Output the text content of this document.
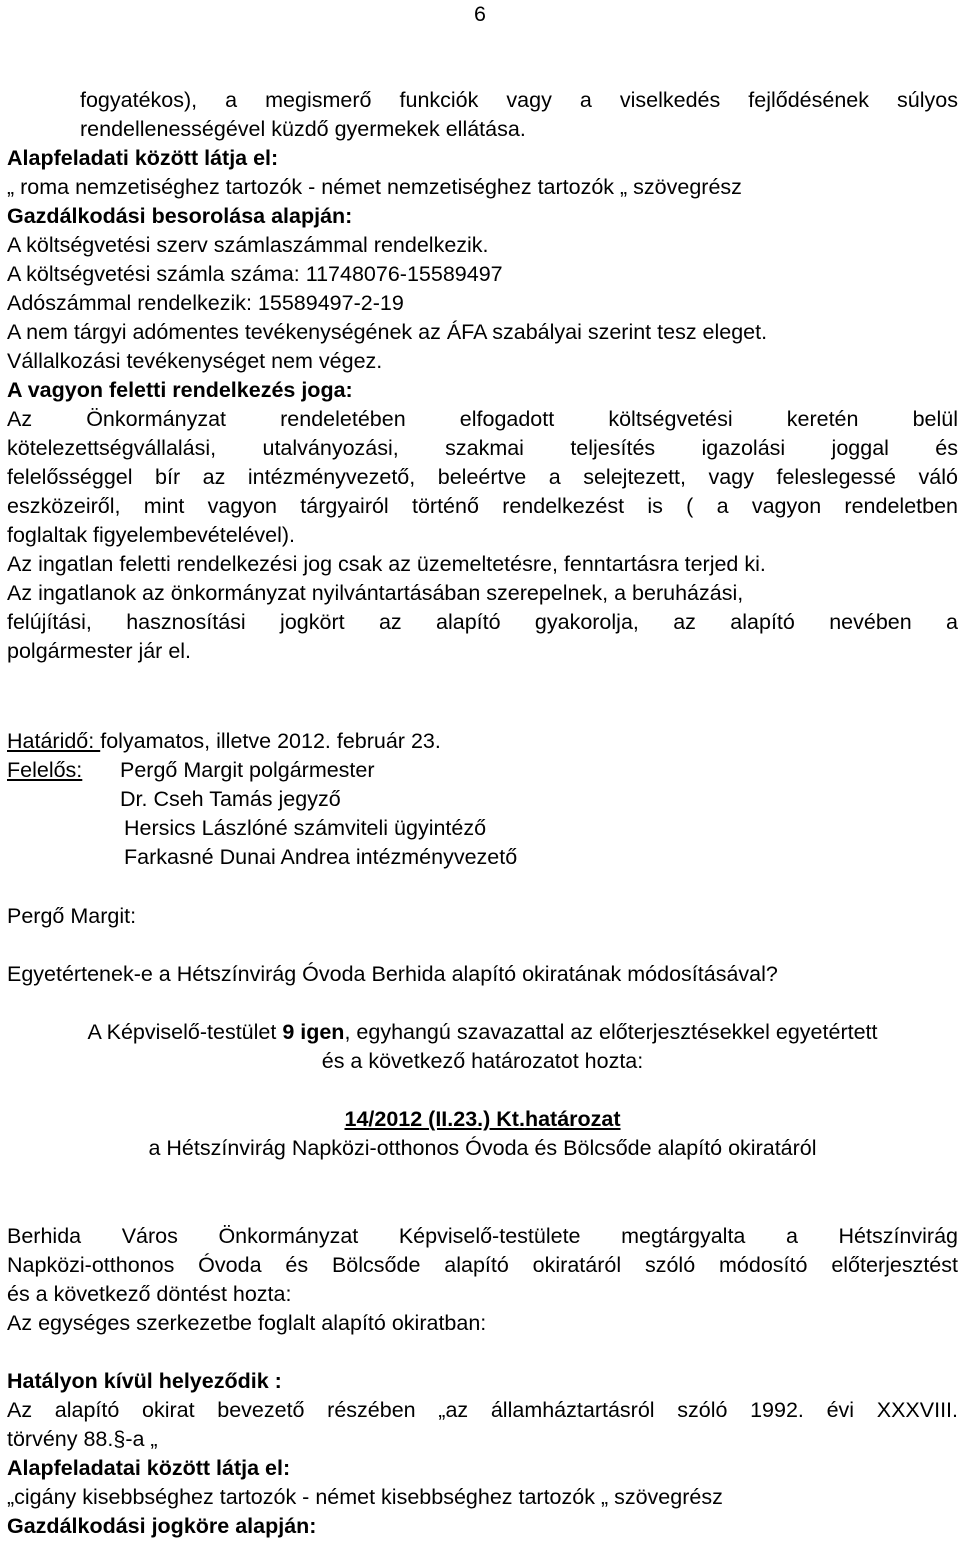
6
fogyatékos), a megismerő funkciók vagy a viselkedés fejlődésének súlyos
rendellenességével küzdő gyermekek ellátása.
Alapfeladati között látja el:
„ roma nemzetiséghez tartozók - német nemzetiséghez tartozók „ szövegrész
Gazdálkodási besorolása alapján:
A költségvetési szerv számlaszámmal rendelkezik.
A költségvetési számla száma: 11748076-15589497
Adószámmal rendelkezik: 15589497-2-19
A nem tárgyi adómentes tevékenységének az ÁFA szabályai szerint tesz eleget.
Vállalkozási tevékenységet nem végez.
A vagyon feletti rendelkezés joga:
Az Önkormányzat rendeletében elfogadott költségvetési keretén belül
kötelezettségvállalási, utalványozási, szakmai teljesítés igazolási joggal és
felelősséggel bír az intézményvezető, beleértve a selejtezett, vagy feleslegessé váló
eszközeiről, mint vagyon tárgyairól történő rendelkezést is ( a vagyon rendeletben
foglaltak figyelembevételével).
Az ingatlan feletti rendelkezési jog csak az üzemeltetésre, fenntartásra terjed ki.
Az ingatlanok az önkormányzat nyilvántartásában szerepelnek, a beruházási,
felújítási, hasznosítási jogkört az alapító gyakorolja, az alapító nevében a
polgármester jár el.
Határidő: folyamatos, illetve 2012. február 23.
Felelős:	Pergő Margit polgármester
Dr. Cseh Tamás jegyző
Hersics Lászlóné számviteli ügyintéző
Farkasné Dunai Andrea intézményvezető
Pergő Margit:
Egyetértenek-e a Hétszínvirág Óvoda Berhida alapító okiratának módosításával?
A Képviselő-testület 9 igen, egyhangú szavazattal az előterjesztésekkel egyetértett
és a következő határozatot hozta:
14/2012 (II.23.) Kt.határozat
a Hétszínvirág Napközi-otthonos Óvoda és Bölcsőde alapító okiratáról
Berhida Város Önkormányzat Képviselő-testülete megtárgyalta a Hétszínvirág
Napközi-otthonos Óvoda és Bölcsőde alapító okiratáról szóló módosító előterjesztést
és a következő döntést hozta:
Az egységes szerkezetbe foglalt alapító okiratban:
Hatályon kívül helyeződik :
Az alapító okirat bevezető részében „az államháztartásról szóló 1992. évi XXXVIII.
törvény 88.§-a „
Alapfeladatai között látja el:
„cigány kisebbséghez tartozók - német kisebbséghez tartozók „ szövegrész
Gazdálkodási jogköre alapján:
